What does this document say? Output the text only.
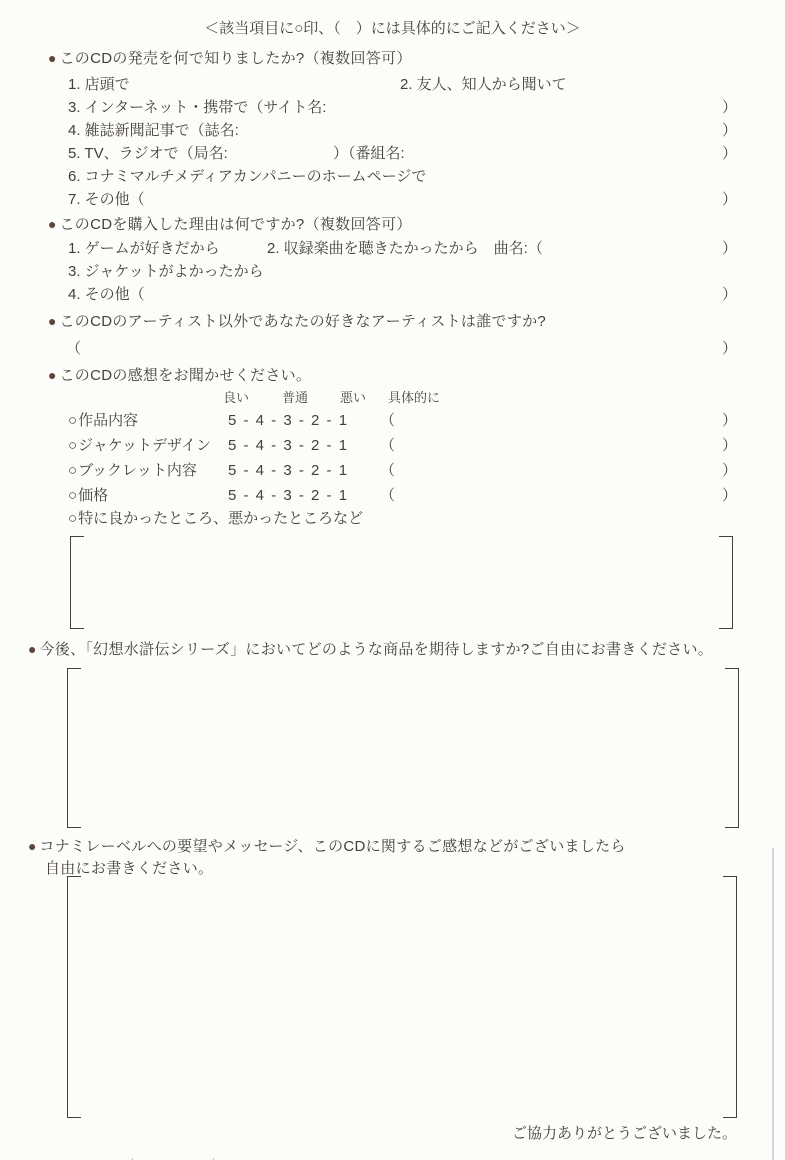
＜該当項目に○印、（　）には具体的にご記入ください＞
● このCDの発売を何で知りましたか?（複数回答可）
1. 店頭で	2. 友人、知人から聞いて
3. インターネット・携帯で（サイト名:	）
4. 雑誌新聞記事で（誌名:	）
5. TV、ラジオで（局名:	）（番組名:	）
6. コナミマルチメディアカンパニーのホームページで
7. その他（	）
● このCDを購入した理由は何ですか?（複数回答可）
1. ゲームが好きだから	2. 収録楽曲を聴きたかったから　曲名:（	）
3. ジャケットがよかったから
4. その他（	）
● このCDのアーティスト以外であなたの好きなアーティストは誰ですか?
（	）
● このCDの感想をお聞かせください。
良い	普通 悪い 具体的に
○作品内容	5 - 4 - 3 - 2 - 1 （	）
○ジャケットデザイン 5 - 4 - 3 - 2 - 1 （	）
○ブックレット内容 5 - 4 - 3 - 2 - 1 （	）
○価格	5 - 4 - 3 - 2 - 1 （	）
○特に良かったところ、悪かったところなど
● 今後、「幻想水滸伝シリーズ」においてどのような商品を期待しますか?ご自由にお書きください。
● コナミレーベルへの要望やメッセージ、このCDに関するご感想などがございましたら
自由にお書きください。
ご協力ありがとうございました。
